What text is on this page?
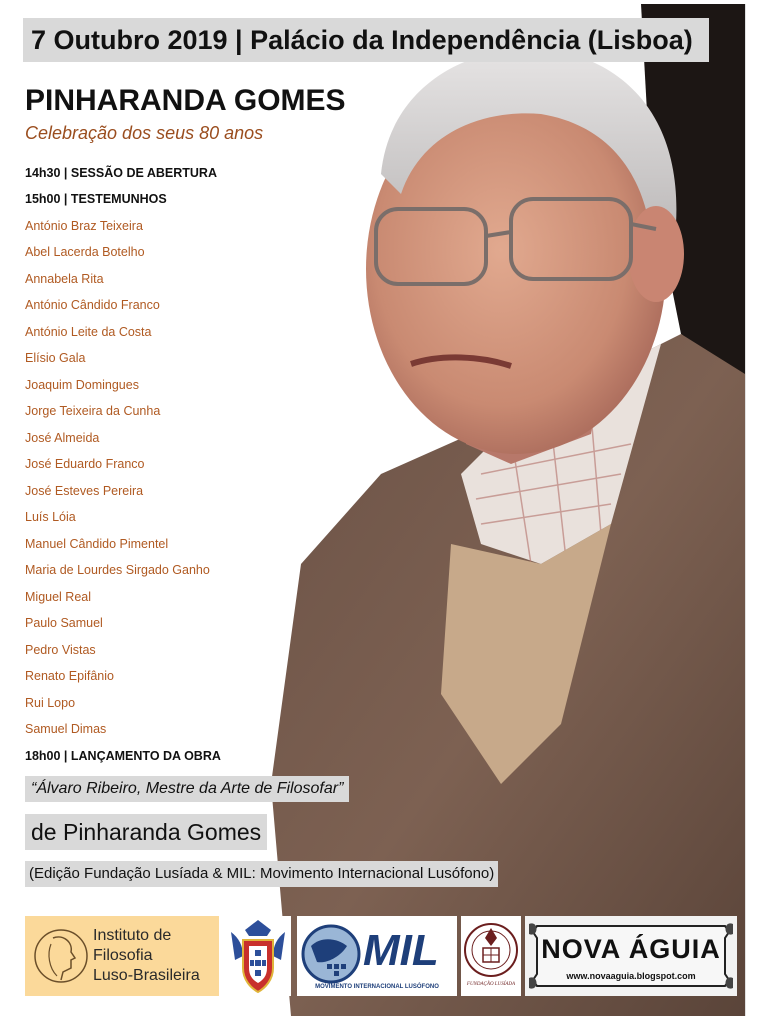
7 Outubro 2019 | Palácio da Independência (Lisboa)
PINHARANDA GOMES
Celebração dos seus 80 anos
14h30 | SESSÃO DE ABERTURA
15h00 | TESTEMUNHOS
António Braz Teixeira
Abel Lacerda Botelho
Annabela Rita
António Cândido Franco
António Leite da Costa
Elísio Gala
Joaquim Domingues
Jorge Teixeira da Cunha
José Almeida
José Eduardo Franco
José Esteves Pereira
Luís Lóia
Manuel Cândido Pimentel
Maria de Lourdes Sirgado Ganho
Miguel Real
Paulo Samuel
Pedro Vistas
Renato Epifânio
Rui Lopo
Samuel Dimas
18h00 | LANÇAMENTO DA OBRA
“Álvaro Ribeiro, Mestre da Arte de Filosofar”
de Pinharanda Gomes
(Edição Fundação Lusíada & MIL: Movimento Internacional Lusófono)
Instituto de
Filosofia
Luso-Brasileira
MIL
MOVIMENTO INTERNACIONAL LUSÓFONO	FUNDAÇÃO LUSÍADA
NOVA ÁGUIA
www.novaaguia.blogspot.com
